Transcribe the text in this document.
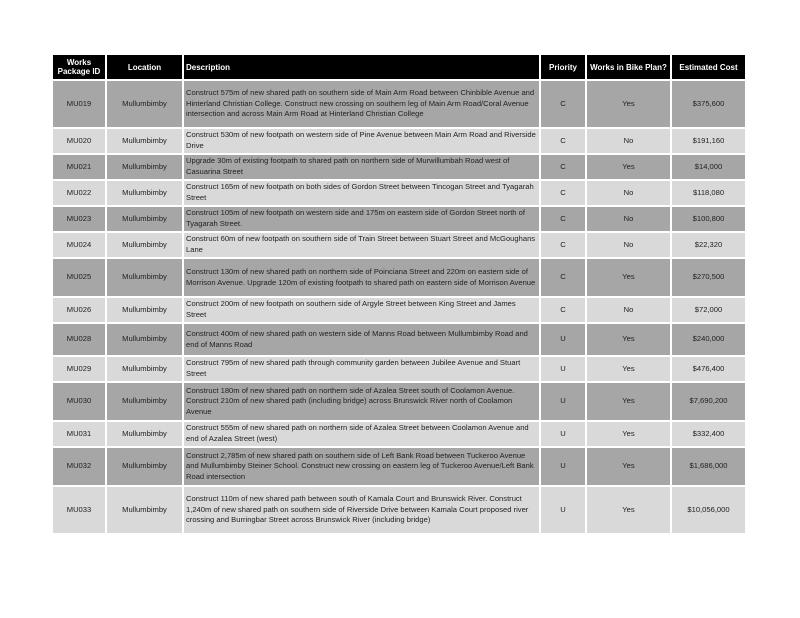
Works Package ID	Location	Description	Priority	Works in Bike Plan?	Estimated Cost
MU019	Mullumbimby	Construct 575m of new shared path on southern side of Main Arm Road between Chinbible Avenue and Hinterland Christian College. Construct new crossing on southern leg of Main Arm Road/Coral Avenue intersection and across Main Arm Road at Hinterland Christian College	C	Yes	$375,600
MU020	Mullumbimby	Construct 530m of new footpath on western side of Pine Avenue between Main Arm Road and Riverside Drive	C	No	$191,160
MU021	Mullumbimby	Upgrade 30m of existing footpath to shared path on northern side of Murwillumbah Road west of Casuarina Street	C	Yes	$14,000
MU022	Mullumbimby	Construct 165m of new footpath on both sides of Gordon Street between Tincogan Street and Tyagarah Street	C	No	$118,080
MU023	Mullumbimby	Construct 105m of new footpath on western side and 175m on eastern side of Gordon Street north of Tyagarah Street.	C	No	$100,800
MU024	Mullumbimby	Construct 60m of new footpath on southern side of Train Street between Stuart Street and McGoughans Lane	C	No	$22,320
MU025	Mullumbimby	Construct 130m of new shared path on northern side of Poinciana Street and 220m on eastern side of Morrison Avenue. Upgrade 120m of existing footpath to shared path on eastern side of Morrison Avenue	C	Yes	$270,500
MU026	Mullumbimby	Construct 200m of new footpath on southern side of Argyle Street between King Street and James Street	C	No	$72,000
MU028	Mullumbimby	Construct 400m of new shared path on western side of Manns Road between Mullumbimby Road and end of Manns Road	U	Yes	$240,000
MU029	Mullumbimby	Construct 795m of new shared path through community garden between Jubilee Avenue and Stuart Street	U	Yes	$476,400
MU030	Mullumbimby	Construct 180m of new shared path on northern side of Azalea Street south of Coolamon Avenue. Construct 210m of new shared path (including bridge) across Brunswick River north of Coolamon Avenue	U	Yes	$7,690,200
MU031	Mullumbimby	Construct 555m of new shared path on northern side of Azalea Street between Coolamon Avenue and end of Azalea Street (west)	U	Yes	$332,400
MU032	Mullumbimby	Construct 2,785m of new shared path on southern side of Left Bank Road between Tuckeroo Avenue and Mullumbimby Steiner School. Construct new crossing on eastern leg of Tuckeroo Avenue/Left Bank Road intersection	U	Yes	$1,686,000
MU033	Mullumbimby	Construct 110m of new shared path between south of Kamala Court and Brunswick River. Construct 1,240m of new shared path on southern side of Riverside Drive between Kamala Court proposed river crossing and Burringbar Street across Brunswick River (including bridge)	U	Yes	$10,056,000
